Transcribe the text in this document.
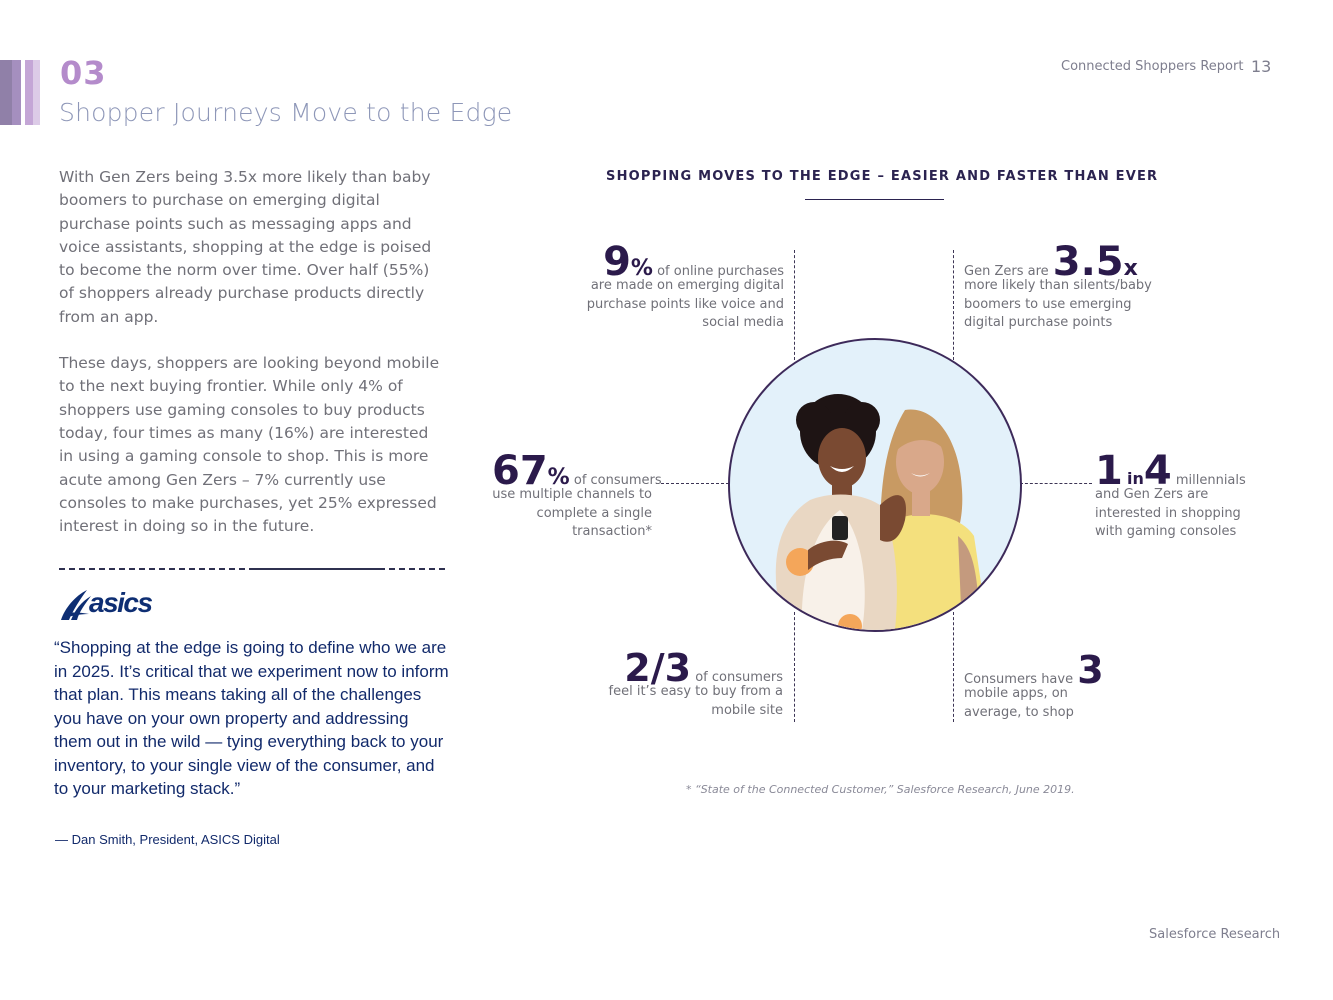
03
Shopper Journeys Move to the Edge
Connected Shoppers Report 13

With Gen Zers being 3.5x more likely than baby boomers to purchase on emerging digital purchase points such as messaging apps and voice assistants, shopping at the edge is poised to become the norm over time. Over half (55%) of shoppers already purchase products directly from an app.

These days, shoppers are looking beyond mobile to the next buying frontier. While only 4% of shoppers use gaming consoles to buy products today, four times as many (16%) are interested in using a gaming console to shop. This is more acute among Gen Zers – 7% currently use consoles to make purchases, yet 25% expressed interest in doing so in the future.

asics
“Shopping at the edge is going to define who we are in 2025. It’s critical that we experiment now to inform that plan. This means taking all of the challenges you have on your own property and addressing them out in the wild — tying everything back to your inventory, to your single view of the consumer, and to your marketing stack.”
— Dan Smith, President, ASICS Digital
SHOPPING MOVES TO THE EDGE – EASIER AND FASTER THAN EVER
9% of online purchases
are made on emerging digital purchase points like voice and social media
Gen Zers are 3.5x
more likely than silents/baby boomers to use emerging digital purchase points
67% of consumers
use multiple channels to complete a single transaction*
1 in4 millennials
and Gen Zers are interested in shopping with gaming consoles
2/3 of consumers
feel it’s easy to buy from a mobile site
Consumers have 3
mobile apps, on average, to shop
* “State of the Connected Customer,” Salesforce Research, June 2019.
Salesforce Research
